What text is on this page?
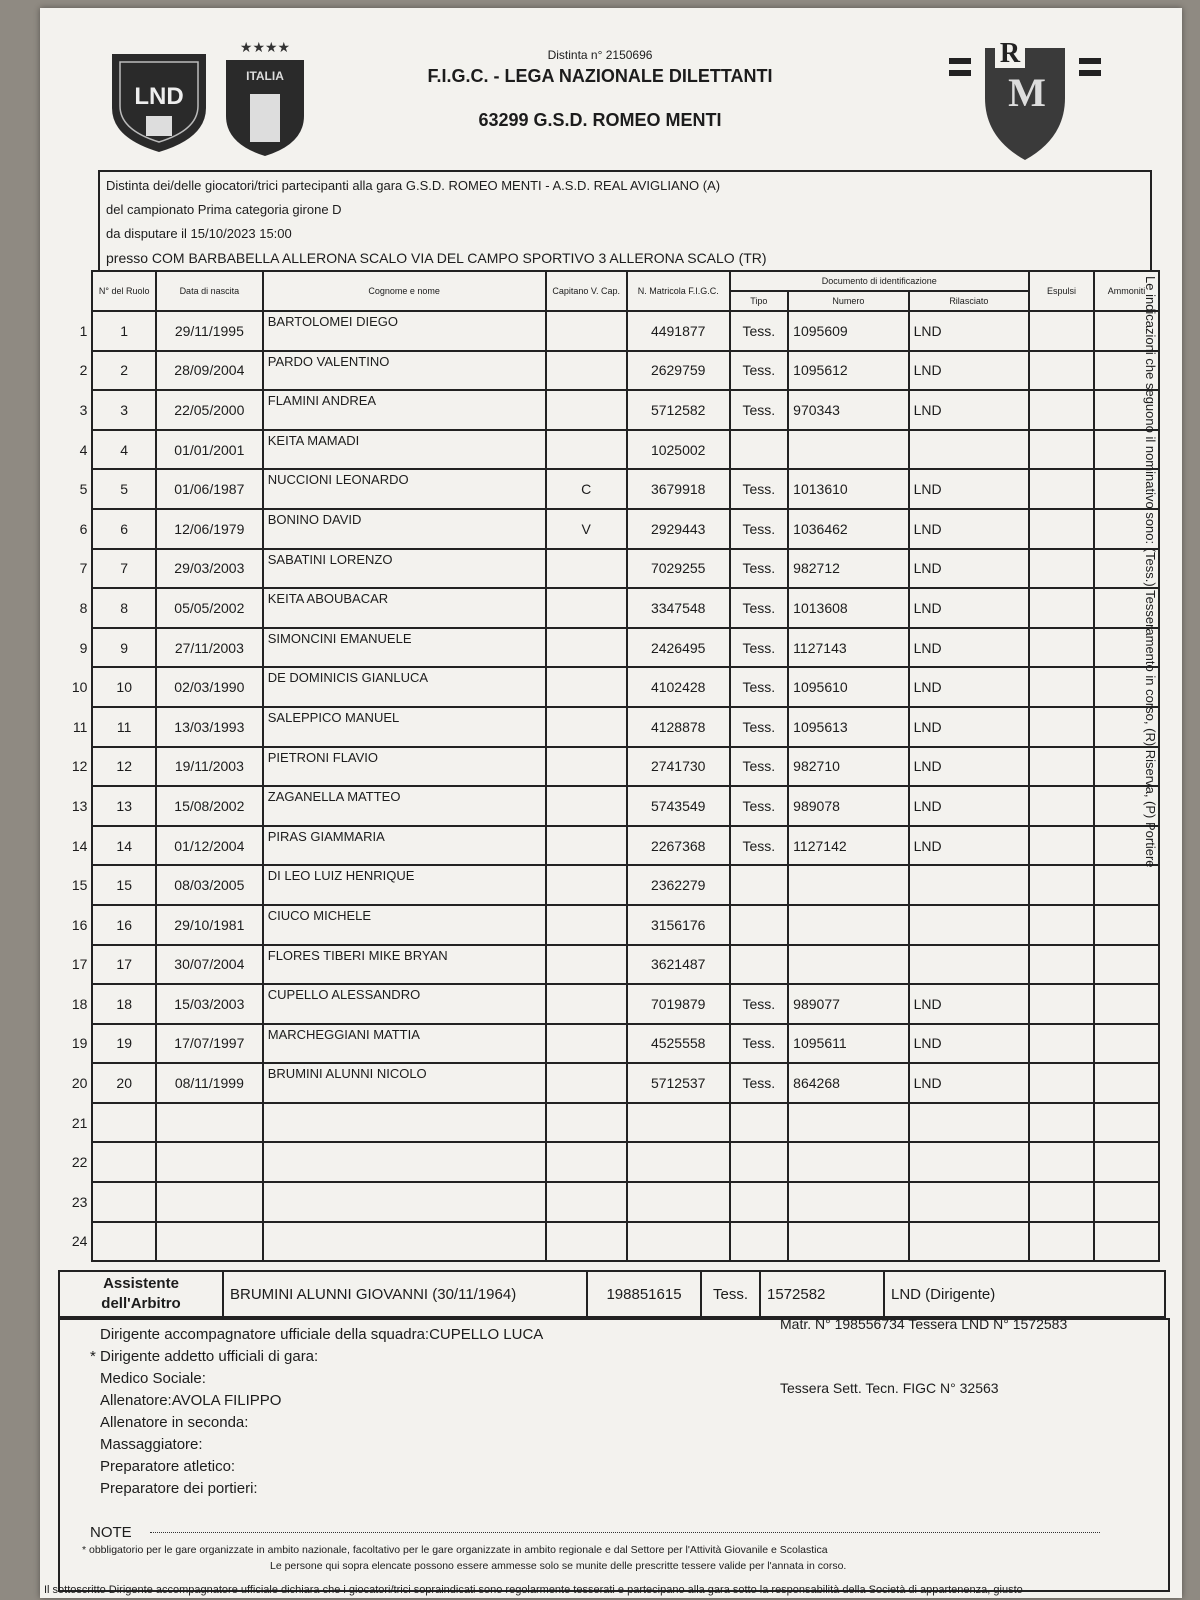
LND
★★★★
ITALIA
Distinta n° 2150696
F.I.G.C. - LEGA NAZIONALE DILETTANTI
63299 G.S.D. ROMEO MENTI
R
M
Distinta dei/delle giocatori/trici partecipanti alla gara G.S.D. ROMEO MENTI - A.S.D. REAL AVIGLIANO (A)
del campionato Prima categoria girone D
da disputare il 15/10/2023 15:00
presso COM BARBABELLA ALLERONA SCALO VIA DEL CAMPO SPORTIVO 3 ALLERONA SCALO (TR)
	N° del Ruolo	Data di nascita	Cognome e nome	Capitano V. Cap.	N. Matricola F.I.G.C.	Documento di identificazione			Espulsi	Ammoniti
						Tipo	Numero	Rilasciato		
1	1	29/11/1995	BARTOLOMEI DIEGO		4491877	Tess.	1095609	LND		
2	2	28/09/2004	PARDO VALENTINO		2629759	Tess.	1095612	LND		
3	3	22/05/2000	FLAMINI ANDREA		5712582	Tess.	970343	LND		
4	4	01/01/2001	KEITA MAMADI		1025002					
5	5	01/06/1987	NUCCIONI LEONARDO	C	3679918	Tess.	1013610	LND		
6	6	12/06/1979	BONINO DAVID	V	2929443	Tess.	1036462	LND		
7	7	29/03/2003	SABATINI LORENZO		7029255	Tess.	982712	LND		
8	8	05/05/2002	KEITA ABOUBACAR		3347548	Tess.	1013608	LND		
9	9	27/11/2003	SIMONCINI EMANUELE		2426495	Tess.	1127143	LND		
10	10	02/03/1990	DE DOMINICIS GIANLUCA		4102428	Tess.	1095610	LND		
11	11	13/03/1993	SALEPPICO MANUEL		4128878	Tess.	1095613	LND		
12	12	19/11/2003	PIETRONI FLAVIO		2741730	Tess.	982710	LND		
13	13	15/08/2002	ZAGANELLA MATTEO		5743549	Tess.	989078	LND		
14	14	01/12/2004	PIRAS GIAMMARIA		2267368	Tess.	1127142	LND		
15	15	08/03/2005	DI LEO LUIZ HENRIQUE		2362279					
16	16	29/10/1981	CIUCO MICHELE		3156176					
17	17	30/07/2004	FLORES TIBERI MIKE BRYAN		3621487					
18	18	15/03/2003	CUPELLO ALESSANDRO		7019879	Tess.	989077	LND		
19	19	17/07/1997	MARCHEGGIANI MATTIA		4525558	Tess.	1095611	LND		
20	20	08/11/1999	BRUMINI ALUNNI NICOLO		5712537	Tess.	864268	LND		
21										
22										
23										
24										
Assistente
dell'Arbitro	BRUMINI ALUNNI GIOVANNI (30/11/1964)	198851615	Tess.	1572582	LND (Dirigente)
Dirigente accompagnatore ufficiale della squadra:CUPELLO LUCA
Matr. N° 198556734 Tessera LND N° 1572583
* Dirigente addetto ufficiali di gara:
Medico Sociale:
Allenatore:AVOLA FILIPPO
Tessera Sett. Tecn. FIGC N° 32563
Allenatore in seconda:
Massaggiatore:
Preparatore atletico:
Preparatore dei portieri:
NOTE
* obbligatorio per le gare organizzate in ambito nazionale, facoltativo per le gare organizzate in ambito regionale e dal Settore per l'Attività Giovanile e Scolastica
Le persone qui sopra elencate possono essere ammesse solo se munite delle prescritte tessere valide per l'annata in corso.
Il sottoscritto Dirigente accompagnatore ufficiale dichiara che i giocatori/trici sopraindicati sono regolarmente tesserati e partecipano alla gara sotto la responsabilità della Società di appartenenza, giusto
Le indicazioni che seguono il nominativo sono: (Tess.) Tesseramento in corso, (R) Riserva, (P) Portiere
